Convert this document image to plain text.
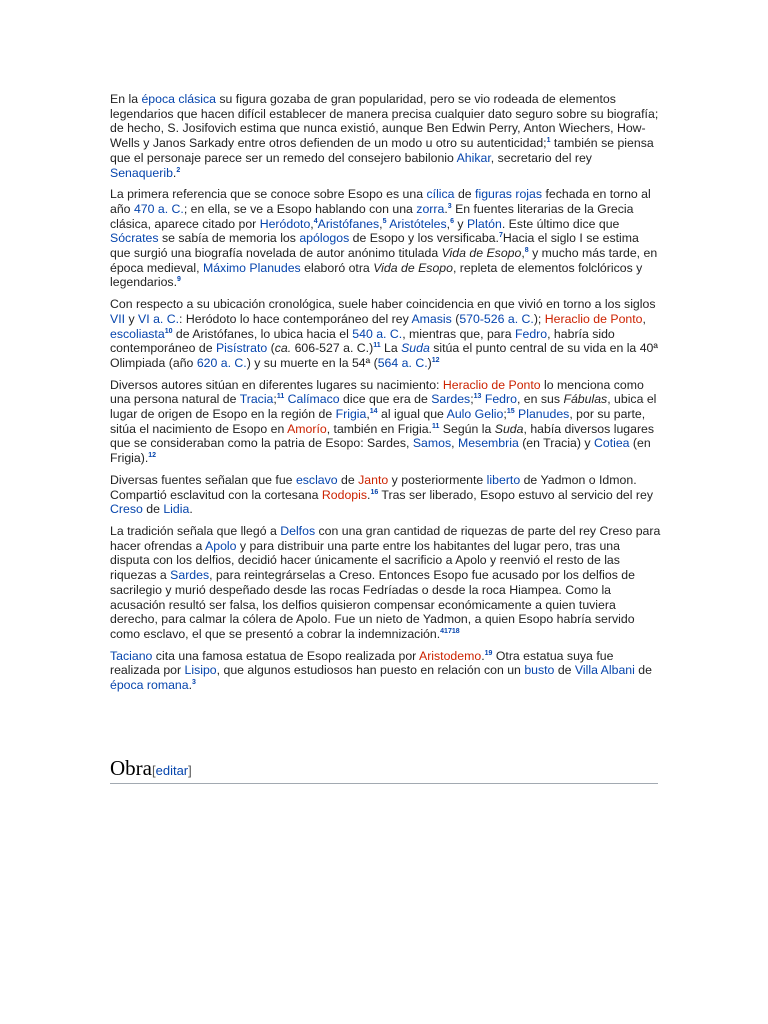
En la época clásica su figura gozaba de gran popularidad, pero se vio rodeada de elementos legendarios que hacen difícil establecer de manera precisa cualquier dato seguro sobre su biografía; de hecho, S. Josifovich estima que nunca existió, aunque Ben Edwin Perry, Anton Wiechers, How-Wells y Janos Sarkady entre otros defienden de un modo u otro su autenticidad;$^1$ también se piensa que el personaje parece ser un remedo del consejero babilonio Ahikar, secretario del rey Senaquerib.$^2$

La primera referencia que se conoce sobre Esopo es una cílica de figuras rojas fechada en torno al año 470 a. C.; en ella, se ve a Esopo hablando con una zorra.$^3$ En fuentes literarias de la Grecia clásica, aparece citado por Heródoto,$^4$Aristófanes,$^5$ Aristóteles,$^6$ y Platón. Este último dice que Sócrates se sabía de memoria los apólogos de Esopo y los versificaba.$^7$Hacia el siglo I se estima que surgió una biografía novelada de autor anónimo titulada Vida de Esopo,$^8$ y mucho más tarde, en época medieval, Máximo Planudes elaboró otra Vida de Esopo, repleta de elementos folclóricos y legendarios.$^9$

Con respecto a su ubicación cronológica, suele haber coincidencia en que vivió en torno a los siglos VII y VI a. C.: Heródoto lo hace contemporáneo del rey Amasis (570-526 a. C.); Heraclio de Ponto, escoliasta$^{10}$ de Aristófanes, lo ubica hacia el 540 a. C., mientras que, para Fedro, habría sido contemporáneo de Pisístrato (ca. 606-527 a. C.)$^{11}$ La Suda sitúa el punto central de su vida en la 40ª Olimpiada (año 620 a. C.) y su muerte en la 54ª (564 a. C.)$^{12}$

Diversos autores sitúan en diferentes lugares su nacimiento: Heraclio de Ponto lo menciona como una persona natural de Tracia;$^{11}$ Calímaco dice que era de Sardes;$^{13}$ Fedro, en sus Fábulas, ubica el lugar de origen de Esopo en la región de Frigia,$^{14}$ al igual que Aulo Gelio;$^{15}$ Planudes, por su parte, sitúa el nacimiento de Esopo en Amorío, también en Frigia.$^{11}$ Según la Suda, había diversos lugares que se consideraban como la patria de Esopo: Sardes, Samos, Mesembria (en Tracia) y Cotiea (en Frigia).$^{12}$

Diversas fuentes señalan que fue esclavo de Janto y posteriormente liberto de Yadmon o Idmon. Compartió esclavitud con la cortesana Rodopis.$^{16}$ Tras ser liberado, Esopo estuvo al servicio del rey Creso de Lidia.

La tradición señala que llegó a Delfos con una gran cantidad de riquezas de parte del rey Creso para hacer ofrendas a Apolo y para distribuir una parte entre los habitantes del lugar pero, tras una disputa con los delfios, decidió hacer únicamente el sacrificio a Apolo y reenvió el resto de las riquezas a Sardes, para reintegrárselas a Creso. Entonces Esopo fue acusado por los delfios de sacrilegio y murió despeñado desde las rocas Fedríadas o desde la roca Hiampea. Como la acusación resultó ser falsa, los delfios quisieron compensar económicamente a quien tuviera derecho, para calmar la cólera de Apolo. Fue un nieto de Yadmon, a quien Esopo habría servido como esclavo, el que se presentó a cobrar la indemnización.$^{41718}$

Taciano cita una famosa estatua de Esopo realizada por Aristodemo.$^{19}$ Otra estatua suya fue realizada por Lisipo, que algunos estudiosos han puesto en relación con un busto de Villa Albani de época romana.$^3$

Obra[editar]
